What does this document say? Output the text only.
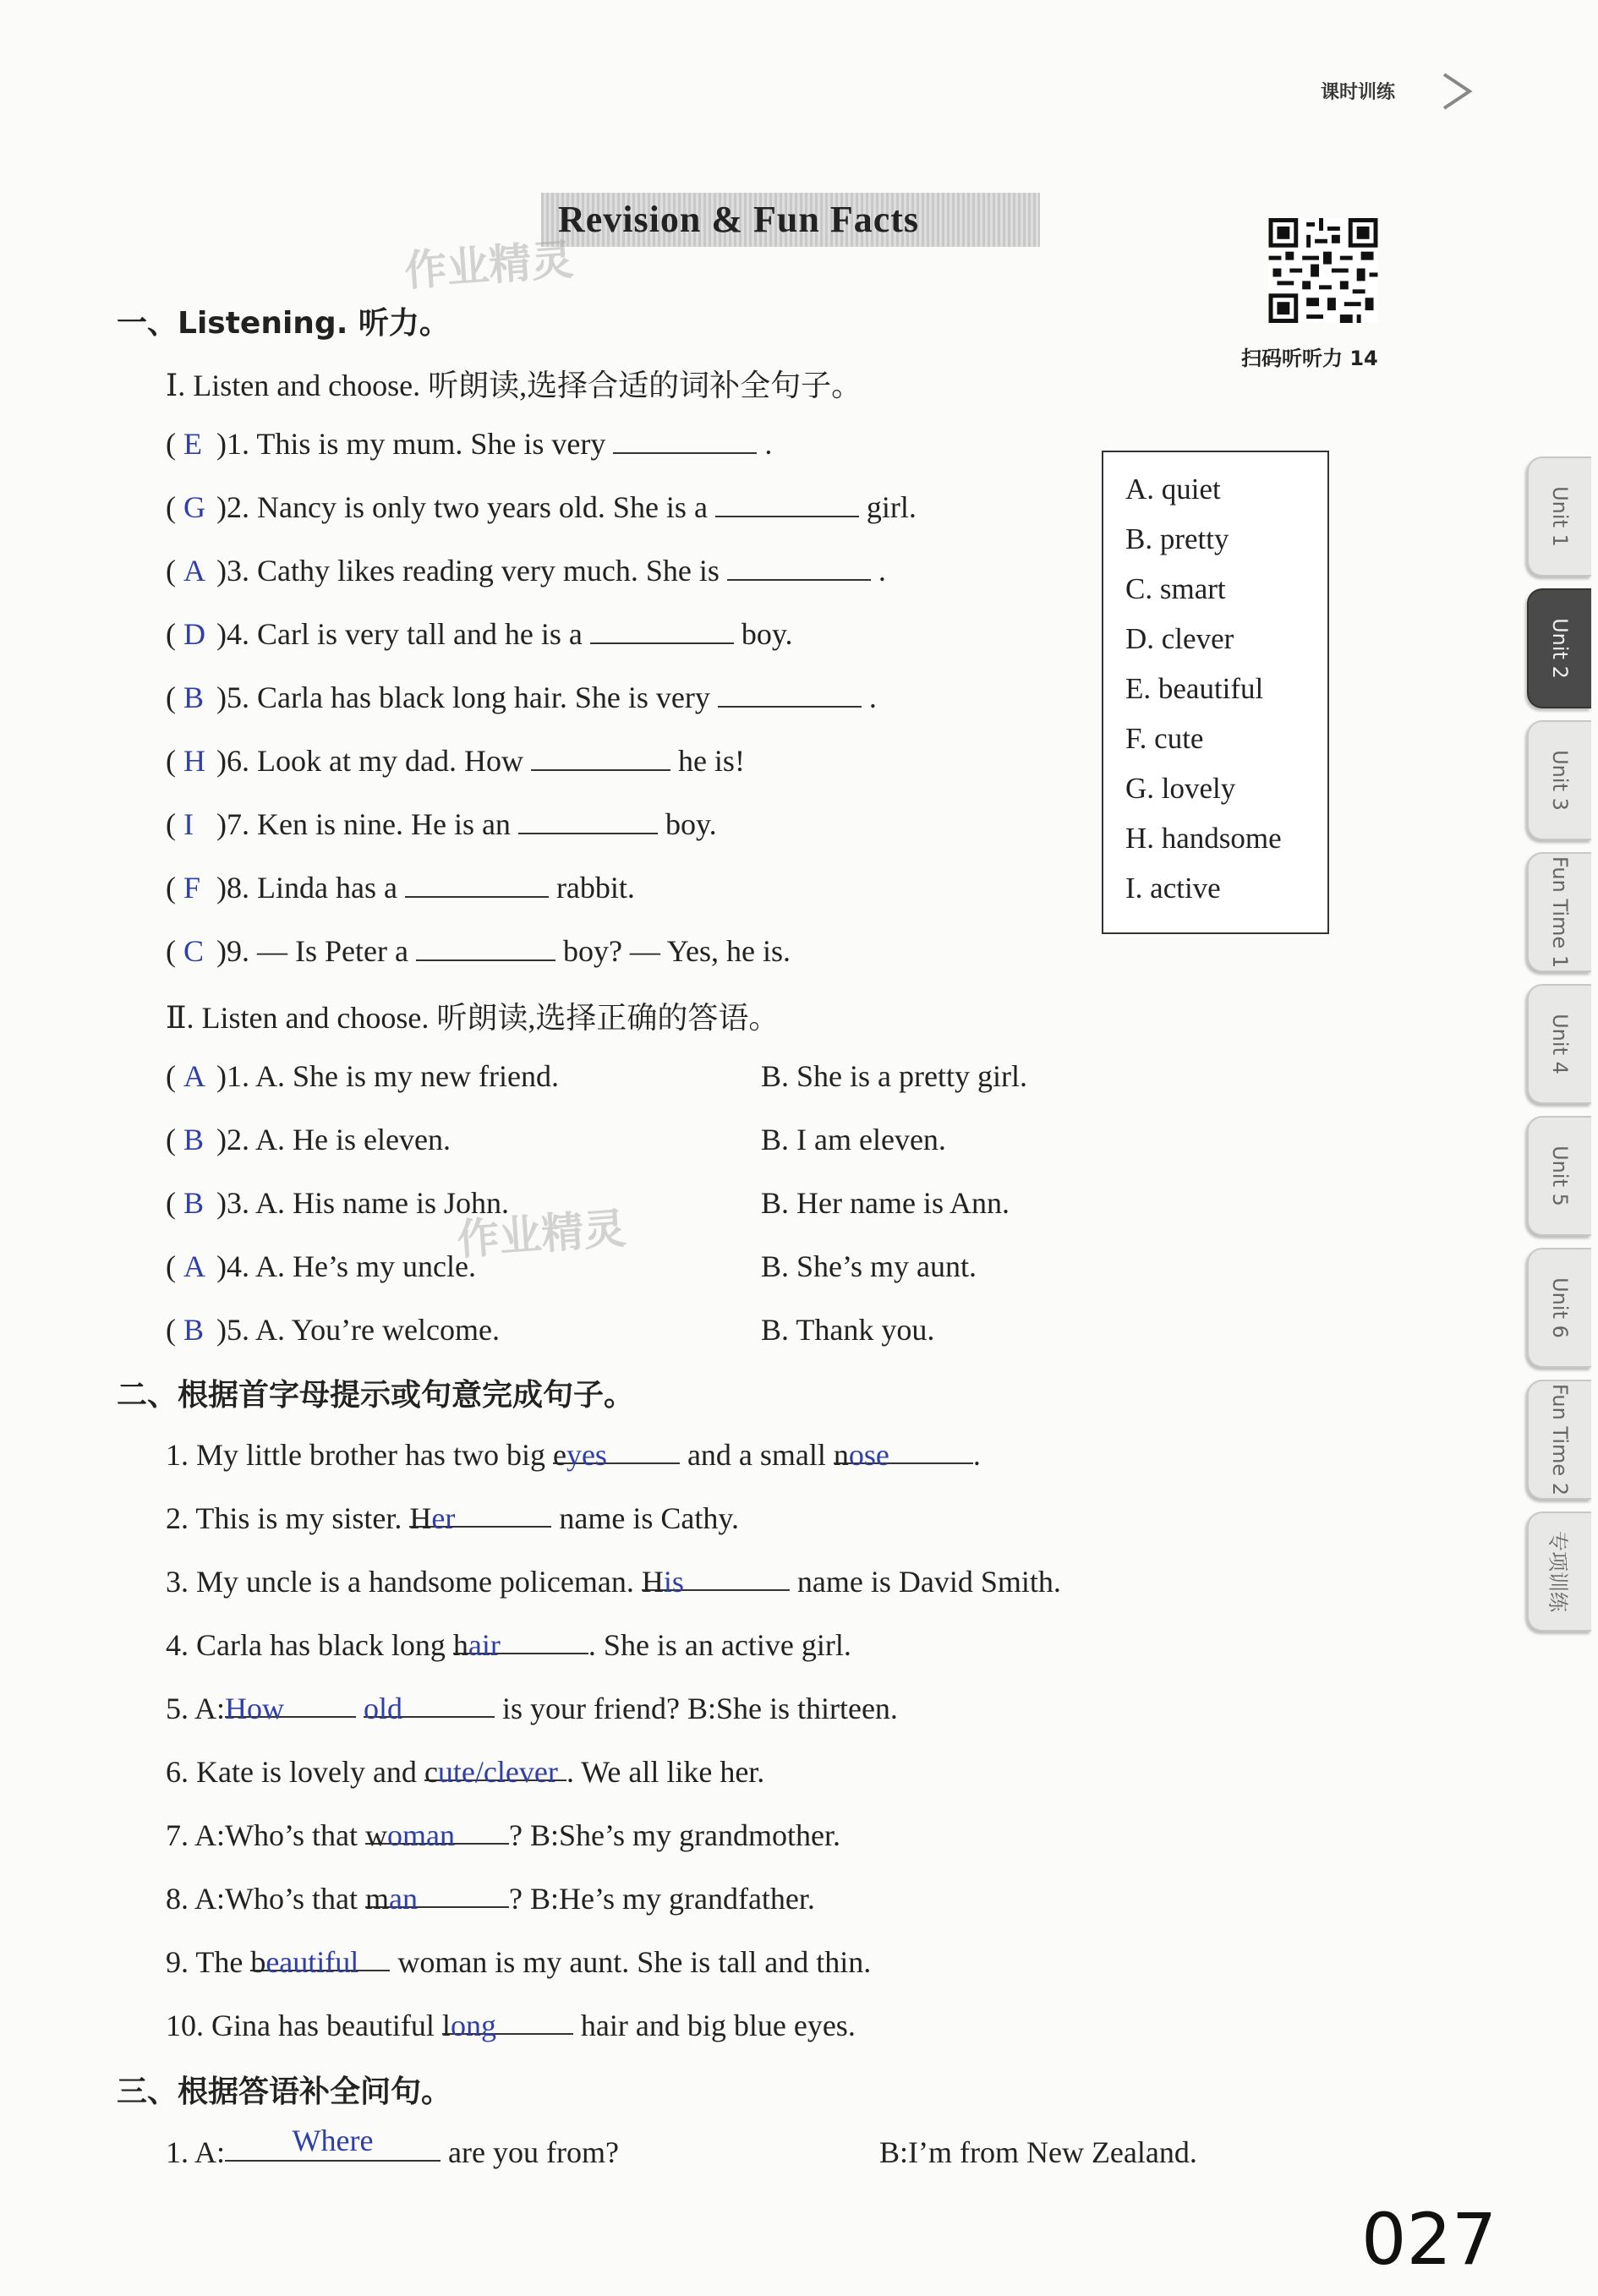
课时训练
Revision & Fun Facts
作业精灵
作业精灵
扫码听听力 14
一、Listening. 听力。
Ⅰ. Listen and choose. 听朗读,选择合适的词补全句子。
( E )1. This is my mum. She is very	.
( G )2. Nancy is only two years old. She is a	girl.
( A )3. Cathy likes reading very much. She is	.
( D )4. Carl is very tall and he is a	boy.
( B )5. Carla has black long hair. She is very	.
( H )6. Look at my dad. How	he is!
( I )7. Ken is nine. He is an	boy.
( F )8. Linda has a	rabbit.
( C )9. — Is Peter a	boy? — Yes, he is.
A. quiet
B. pretty
C. smart
D. clever
E. beautiful
F. cute
G. lovely
H. handsome
I. active
Ⅱ. Listen and choose. 听朗读,选择正确的答语。
( A )1. A. She is my new friend.	B. She is a pretty girl.
( B )2. A. He is eleven.	B. I am eleven.
( B )3. A. His name is John.	B. Her name is Ann.
( A )4. A. He’s my uncle.	B. She’s my aunt.
( B )5. A. You’re welcome.	B. Thank you.
二、根据首字母提示或句意完成句子。
1. My little brother has two big eyes	and a small nose	.
2. This is my sister. Her	name is Cathy.
3. My uncle is a handsome policeman. His	name is David Smith.
4. Carla has black long hair	. She is an active girl.
5. A:How	old	is your friend? B:She is thirteen.
6. Kate is lovely and cute/clever . We all like her.
7. A:Who’s that woman ? B:She’s my grandmother.
8. A:Who’s that man	? B:He’s my grandfather.
9. The beautiful woman is my aunt. She is tall and thin.
10. Gina has beautiful long	hair and big blue eyes.
三、根据答语补全问句。
1. A: Where are you from?	B:I’m from New Zealand.
Unit 1
Unit 2
Unit 3
Fun Time 1
Unit 4
Unit 5
Unit 6
Fun Time 2
专项训练
027
